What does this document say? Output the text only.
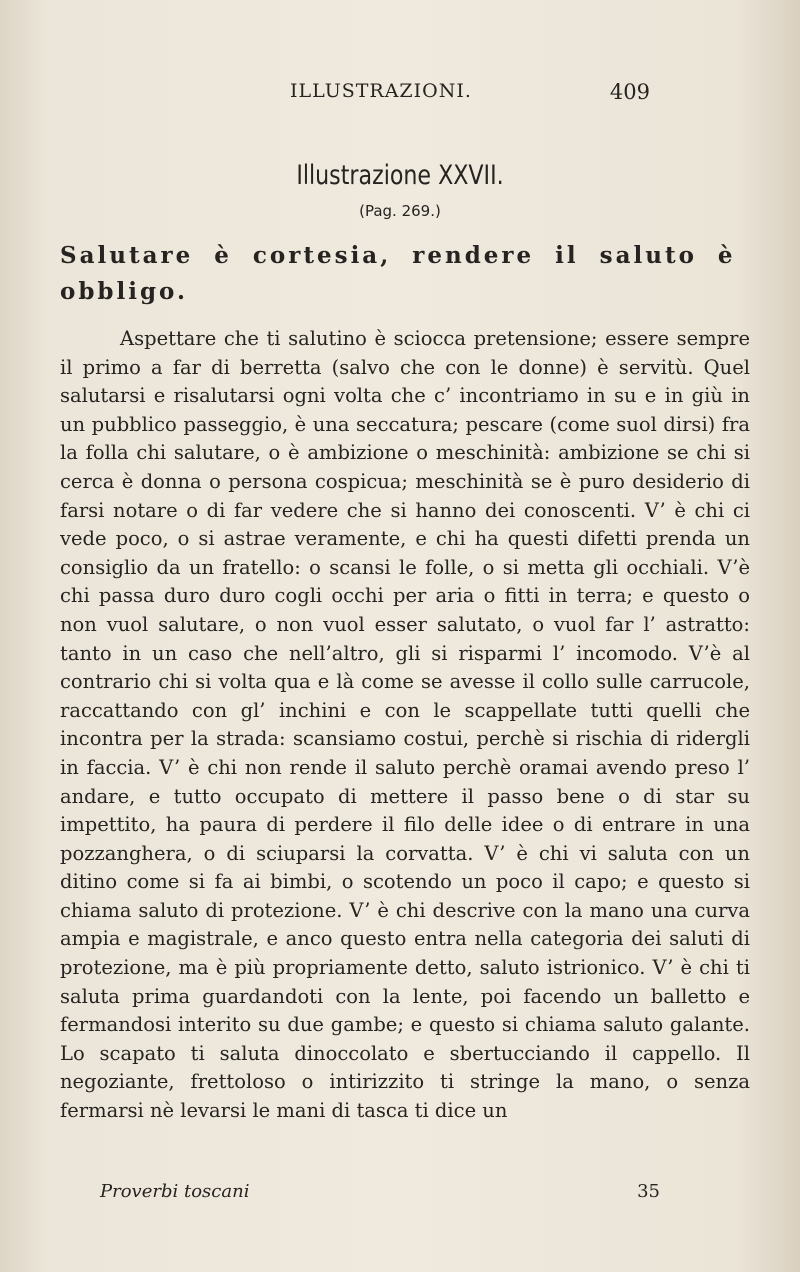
ILLUSTRAZIONI.	409
Illustrazione XXVII.
(Pag. 269.)
Salutare è cortesia, rendere il saluto è obbligo.

Aspettare che ti salutino è sciocca pretensione; essere sempre il primo a far di berretta (salvo che con le donne) è servitù. Quel salutarsi e risalutarsi ogni volta che c’ incontriamo in su e in giù in un pubblico passeggio, è una seccatura; pescare (come suol dirsi) fra la folla chi salutare, o è ambizione o meschinità: ambizione se chi si cerca è donna o persona cospicua; meschinità se è puro desiderio di farsi notare o di far vedere che si hanno dei conoscenti. V’ è chi ci vede poco, o si astrae veramente, e chi ha questi difetti prenda un consiglio da un fratello: o scansi le folle, o si metta gli occhiali. V’è chi passa duro duro cogli occhi per aria o fitti in terra; e questo o non vuol salutare, o non vuol esser salutato, o vuol far l’ astratto: tanto in un caso che nell’altro, gli si risparmi l’ incomodo. V’è al contrario chi si volta qua e là come se avesse il collo sulle carrucole, raccattando con gl’ inchini e con le scappellate tutti quelli che incontra per la strada: scansiamo costui, perchè si rischia di ridergli in faccia. V’ è chi non rende il saluto perchè oramai avendo preso l’ andare, e tutto occupato di mettere il passo bene o di star su impettito, ha paura di perdere il filo delle idee o di entrare in una pozzanghera, o di sciuparsi la corvatta. V’ è chi vi saluta con un ditino come si fa ai bimbi, o scotendo un poco il capo; e questo si chiama saluto di protezione. V’ è chi descrive con la mano una curva ampia e magistrale, e anco questo entra nella categoria dei saluti di protezione, ma è più propriamente detto, saluto istrionico. V’ è chi ti saluta prima guardandoti con la lente, poi facendo un balletto e fermandosi interito su due gambe; e questo si chiama saluto galante. Lo scapato ti saluta dinoccolato e sbertucciando il cappello. Il negoziante, frettoloso o intirizzito ti stringe la mano, o senza fermarsi nè levarsi le mani di tasca ti dice un

Proverbi toscani	35
